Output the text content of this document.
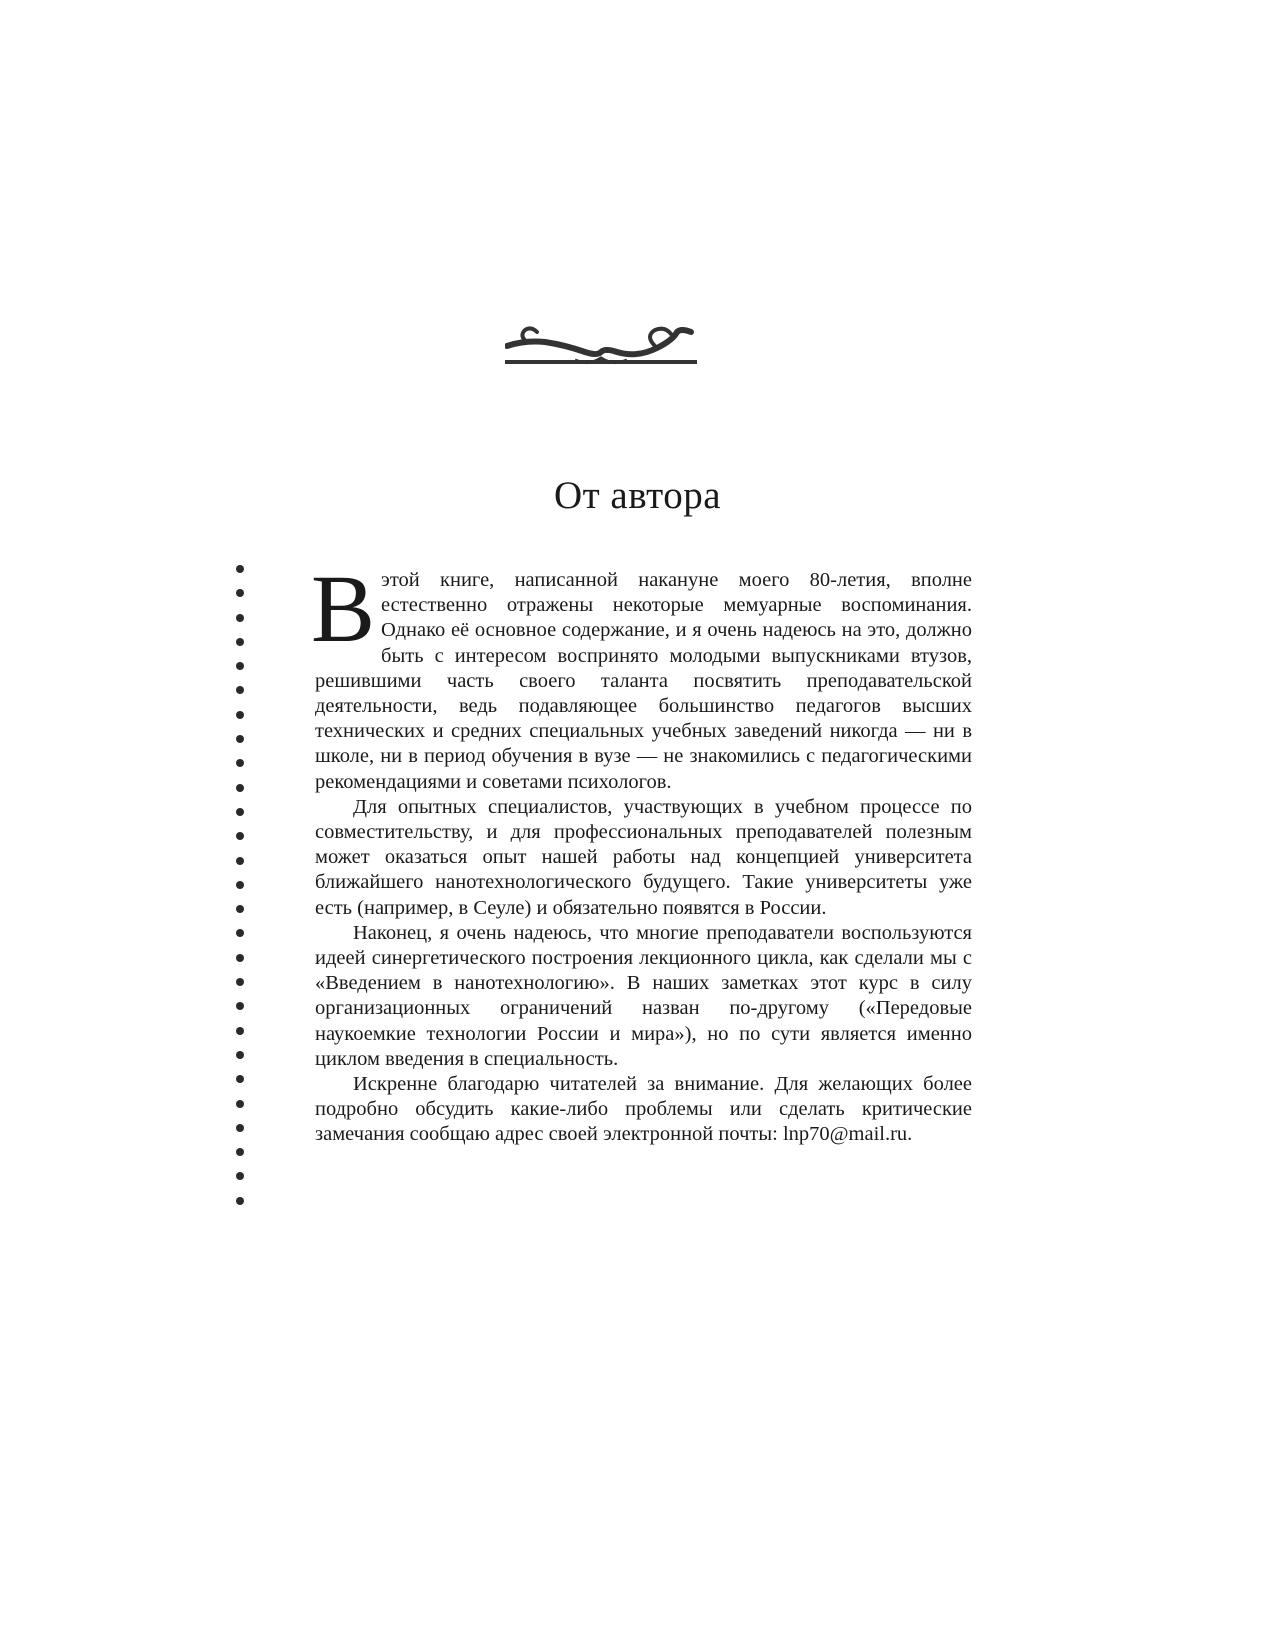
От автора

Вэтой книге, написанной накануне моего 80-летия, вполне естественно отражены некоторые мемуарные воспоминания. Однако её основное содержание, и я очень надеюсь на это, должно быть с интересом воспринято молодыми выпускниками втузов, решившими часть своего таланта посвятить преподавательской деятельности, ведь подавляющее большинство педагогов высших технических и средних специальных учебных заведений никогда — ни в школе, ни в период обучения в вузе — не знакомились с педагогическими рекомендациями и советами психологов.

Для опытных специалистов, участвующих в учебном процессе по совместительству, и для профессиональных преподавателей полезным может оказаться опыт нашей работы над концепцией университета ближайшего нанотехнологического будущего. Такие университеты уже есть (например, в Сеуле) и обязательно появятся в России.

Наконец, я очень надеюсь, что многие преподаватели воспользуются идеей синергетического построения лекционного цикла, как сделали мы с «Введением в нанотехнологию». В наших заметках этот курс в силу организационных ограничений назван по-другому («Передовые наукоемкие технологии России и мира»), но по сути является именно циклом введения в специальность.

Искренне благодарю читателей за внимание. Для желающих более подробно обсудить какие-либо проблемы или сделать критические замечания сообщаю адрес своей электронной почты: lnp70@mail.ru.
